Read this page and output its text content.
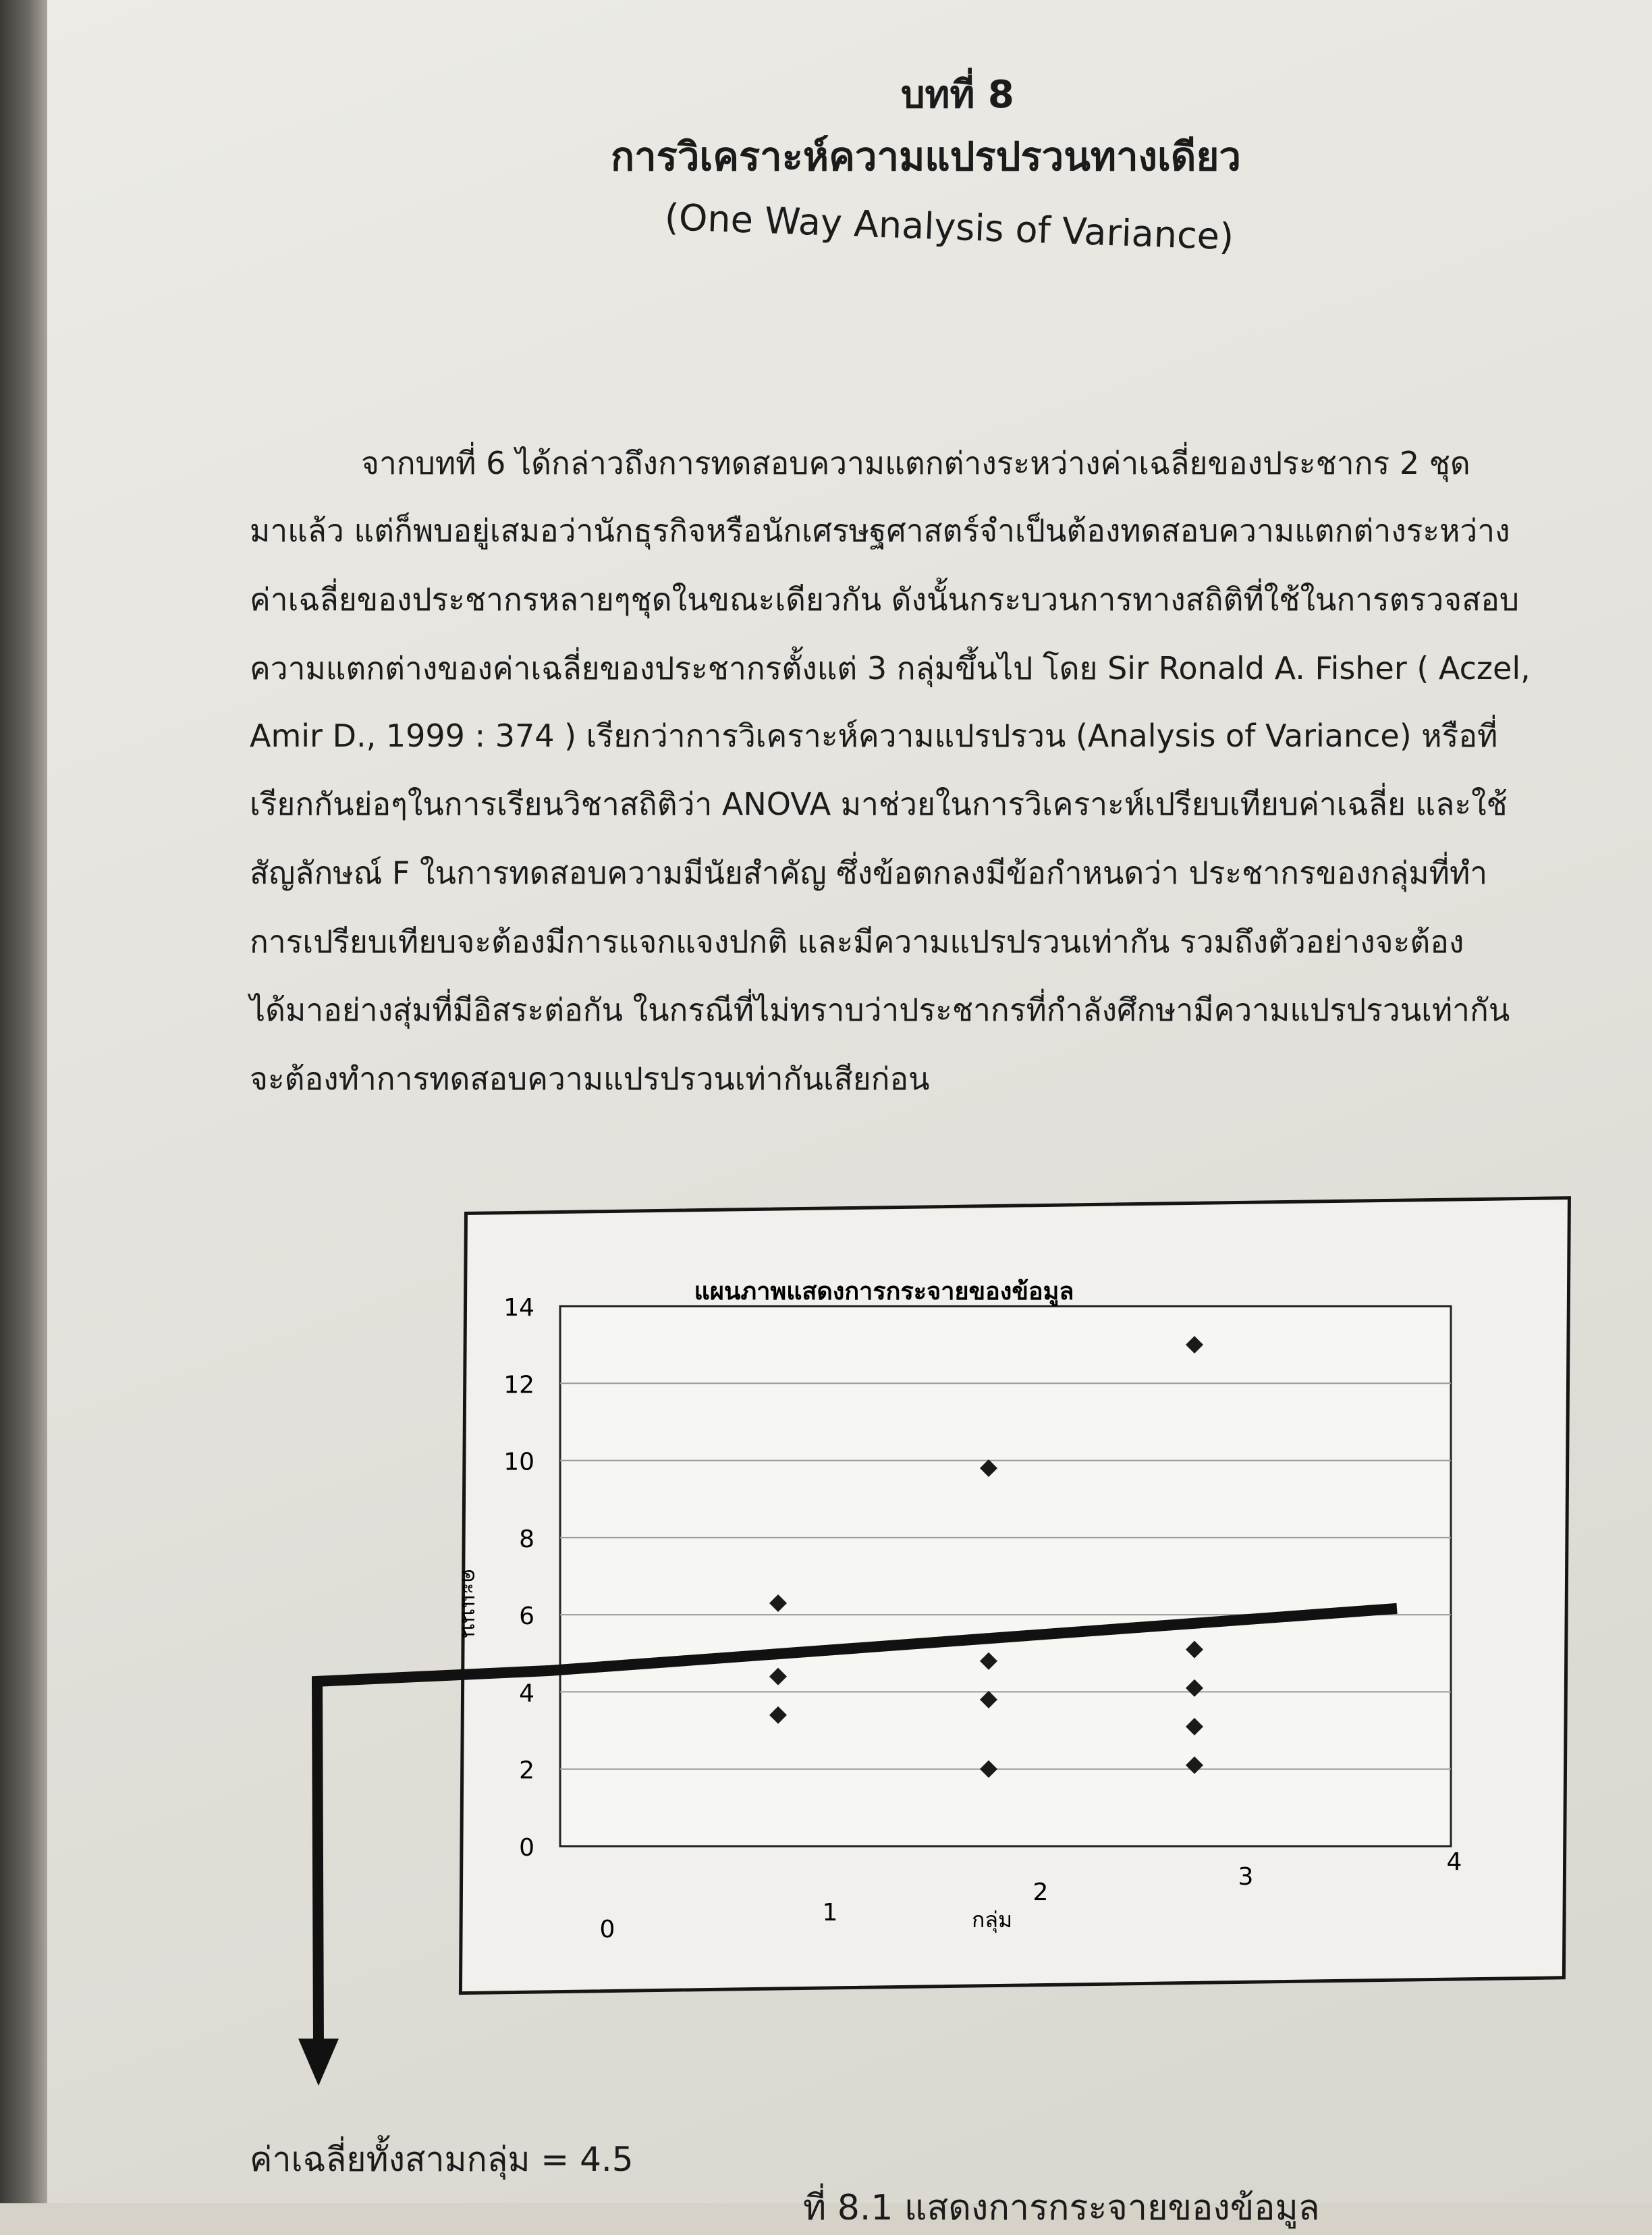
บทที่ 8
การวิเคราะห์ความแปรปรวนทางเดียว
(One Way Analysis of Variance)
จากบทที่ 6 ได้กล่าวถึงการทดสอบความแตกต่างระหว่างค่าเฉลี่ยของประชากร 2 ชุด
มาแล้ว แต่ก็พบอยู่เสมอว่านักธุรกิจหรือนักเศรษฐศาสตร์จำเป็นต้องทดสอบความแตกต่างระหว่าง
ค่าเฉลี่ยของประชากรหลายๆชุดในขณะเดียวกัน ดังนั้นกระบวนการทางสถิติที่ใช้ในการตรวจสอบ
ความแตกต่างของค่าเฉลี่ยของประชากรตั้งแต่ 3 กลุ่มขึ้นไป โดย Sir Ronald A. Fisher ( Aczel,
Amir D., 1999 : 374 ) เรียกว่าการวิเคราะห์ความแปรปรวน (Analysis of Variance) หรือที่
เรียกกันย่อๆในการเรียนวิชาสถิติว่า ANOVA มาช่วยในการวิเคราะห์เปรียบเทียบค่าเฉลี่ย และใช้
สัญลักษณ์ F ในการทดสอบความมีนัยสำคัญ ซึ่งข้อตกลงมีข้อกำหนดว่า ประชากรของกลุ่มที่ทำ
การเปรียบเทียบจะต้องมีการแจกแจงปกติ และมีความแปรปรวนเท่ากัน รวมถึงตัวอย่างจะต้อง
ได้มาอย่างสุ่มที่มีอิสระต่อกัน ในกรณีที่ไม่ทราบว่าประชากรที่กำลังศึกษามีความแปรปรวนเท่ากัน
จะต้องทำการทดสอบความแปรปรวนเท่ากันเสียก่อน
0
2
4
6
8
10
12
14
0
1
2
3
4
แผนภาพแสดงการกระจายของข้อมูล
คะแนน
กลุ่ม
ค่าเฉลี่ยทั้งสามกลุ่ม = 4.5
ที่ 8.1 แสดงการกระจายของข้อมูล
